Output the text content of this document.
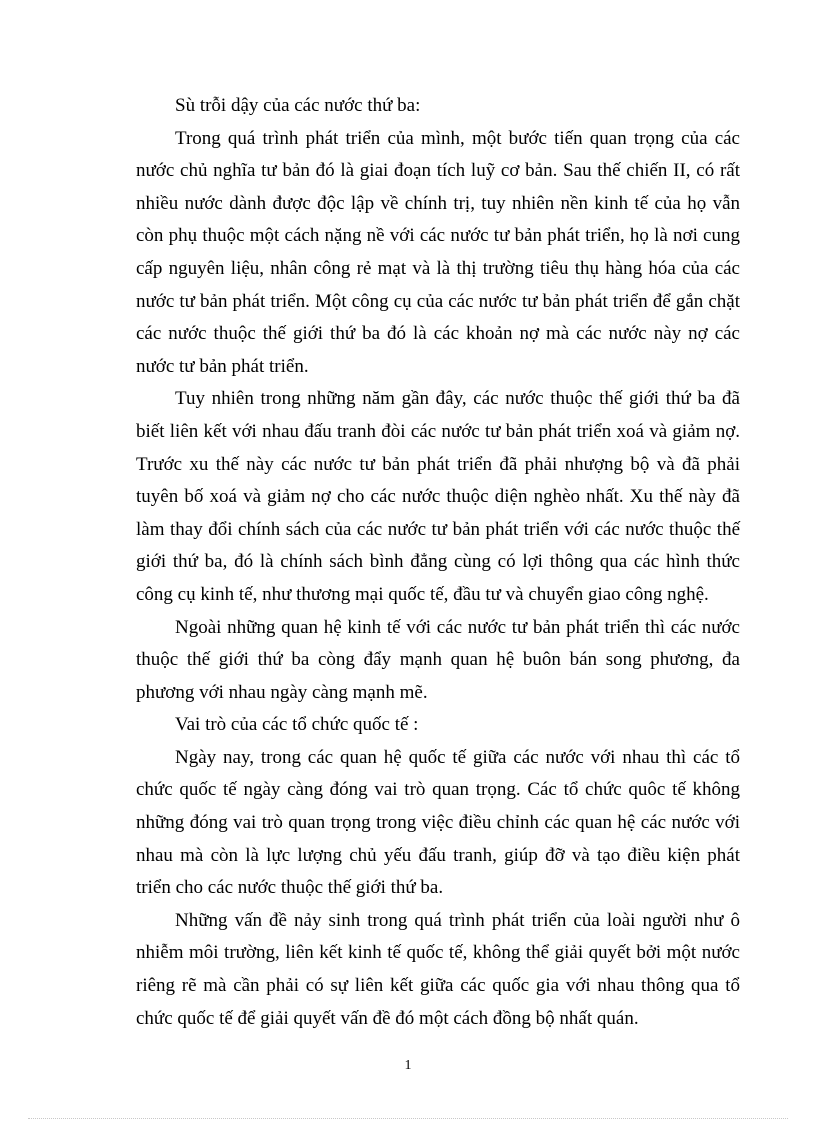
Sù trỗi dậy của các nước thứ ba:

Trong quá trình phát triển của mình, một bước tiến quan trọng của các nước chủ nghĩa tư bản đó là giai đoạn tích luỹ cơ bản. Sau thế chiến II, có rất nhiều nước dành được độc lập về chính trị, tuy nhiên nền kinh tế của họ vẫn còn phụ thuộc một cách nặng nề với các nước tư bản phát triển, họ là nơi cung cấp nguyên liệu, nhân công rẻ mạt và là thị trường tiêu thụ hàng hóa của các nước tư bản phát triển. Một công cụ của các nước tư bản phát triển để gắn chặt các nước thuộc thế giới thứ ba đó là các khoản nợ mà các nước này nợ các nước tư bản phát triển.

Tuy nhiên trong những năm gần đây, các nước thuộc thế giới thứ ba đã biết liên kết với nhau đấu tranh đòi các nước tư bản phát triển xoá và giảm nợ. Trước xu thế này các nước tư bản phát triển đã phải nhượng bộ và đã phải tuyên bố xoá và giảm nợ cho các nước thuộc diện nghèo nhất. Xu thế này đã làm thay đổi chính sách của các nước tư bản phát triển với các nước thuộc thế giới thứ ba, đó là chính sách bình đẳng cùng có lợi thông qua các hình thức công cụ kinh tế, như thương mại quốc tế, đầu tư và chuyển giao công nghệ.

Ngoài những quan hệ kinh tế với các nước tư bản phát triển thì các nước thuộc thế giới thứ ba còng đẩy mạnh quan hệ buôn bán song phương, đa phương với nhau ngày càng mạnh mẽ.

Vai trò của các tổ chức quốc tế :

Ngày nay, trong các quan hệ quốc tế giữa các nước với nhau thì các tổ chức quốc tế ngày càng đóng vai trò quan trọng. Các tổ chức quôc tế không những đóng vai trò quan trọng trong việc điều chỉnh các quan hệ các nước với nhau mà còn là lực lượng chủ yếu đấu tranh, giúp đỡ và tạo điều kiện phát triển cho các nước thuộc thế giới thứ ba.

Những vấn đề nảy sinh trong quá trình phát triển của loài người như ô nhiễm môi trường, liên kết kinh tế quốc tế, không thể giải quyết bởi một nước riêng rẽ mà cần phải có sự liên kết giữa các quốc gia với nhau thông qua tổ chức quốc tế để giải quyết vấn đề đó một cách đồng bộ nhất quán.

1
